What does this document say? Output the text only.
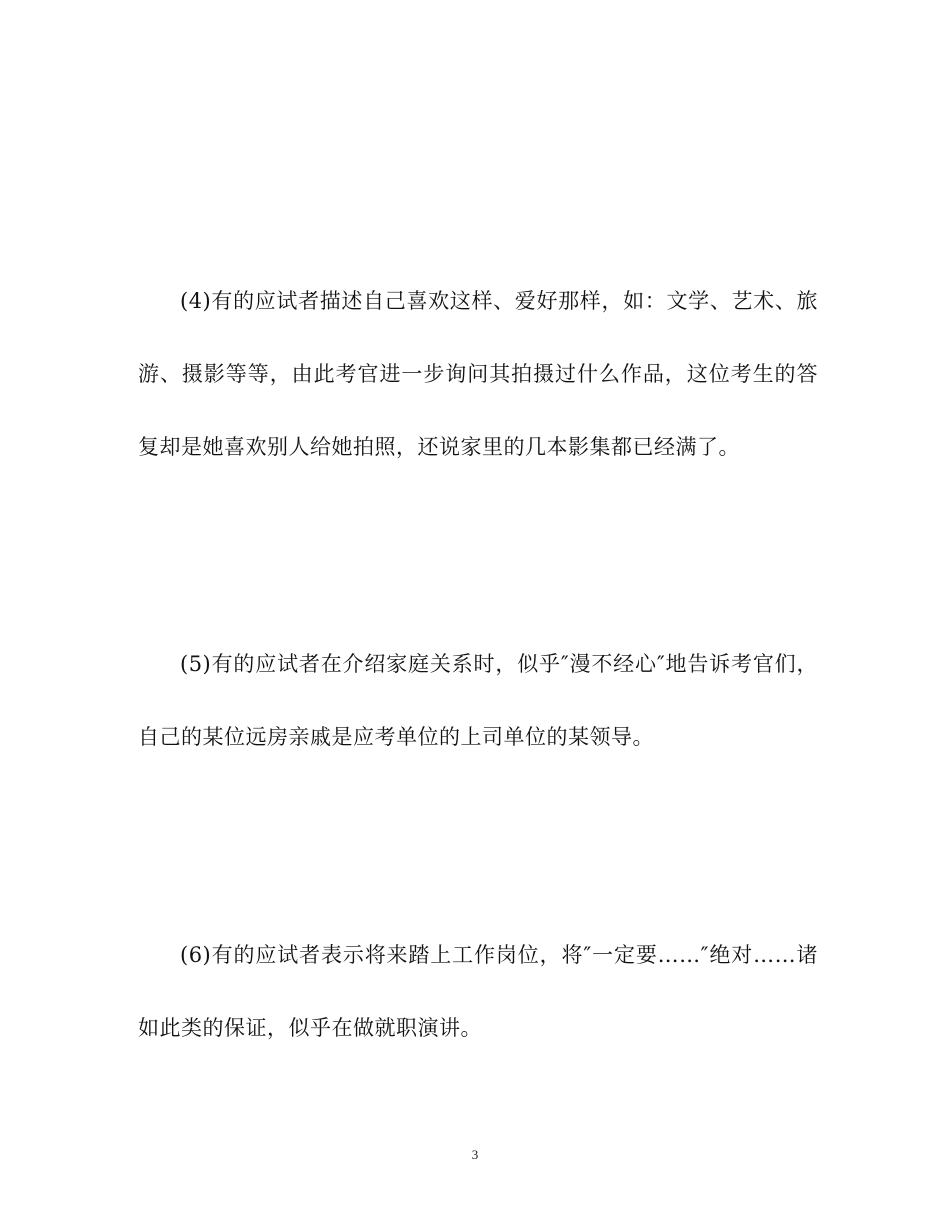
(4)有的应试者描述自己喜欢这样、爱好那样，如：文学、艺术、旅游、摄影等等，由此考官进一步询问其拍摄过什么作品，这位考生的答复却是她喜欢别人给她拍照，还说家里的几本影集都已经满了。

(5)有的应试者在介绍家庭关系时，似乎″漫不经心″地告诉考官们，自己的某位远房亲戚是应考单位的上司单位的某领导。

(6)有的应试者表示将来踏上工作岗位，将″一定要……″绝对……诸如此类的保证，似乎在做就职演讲。

3
